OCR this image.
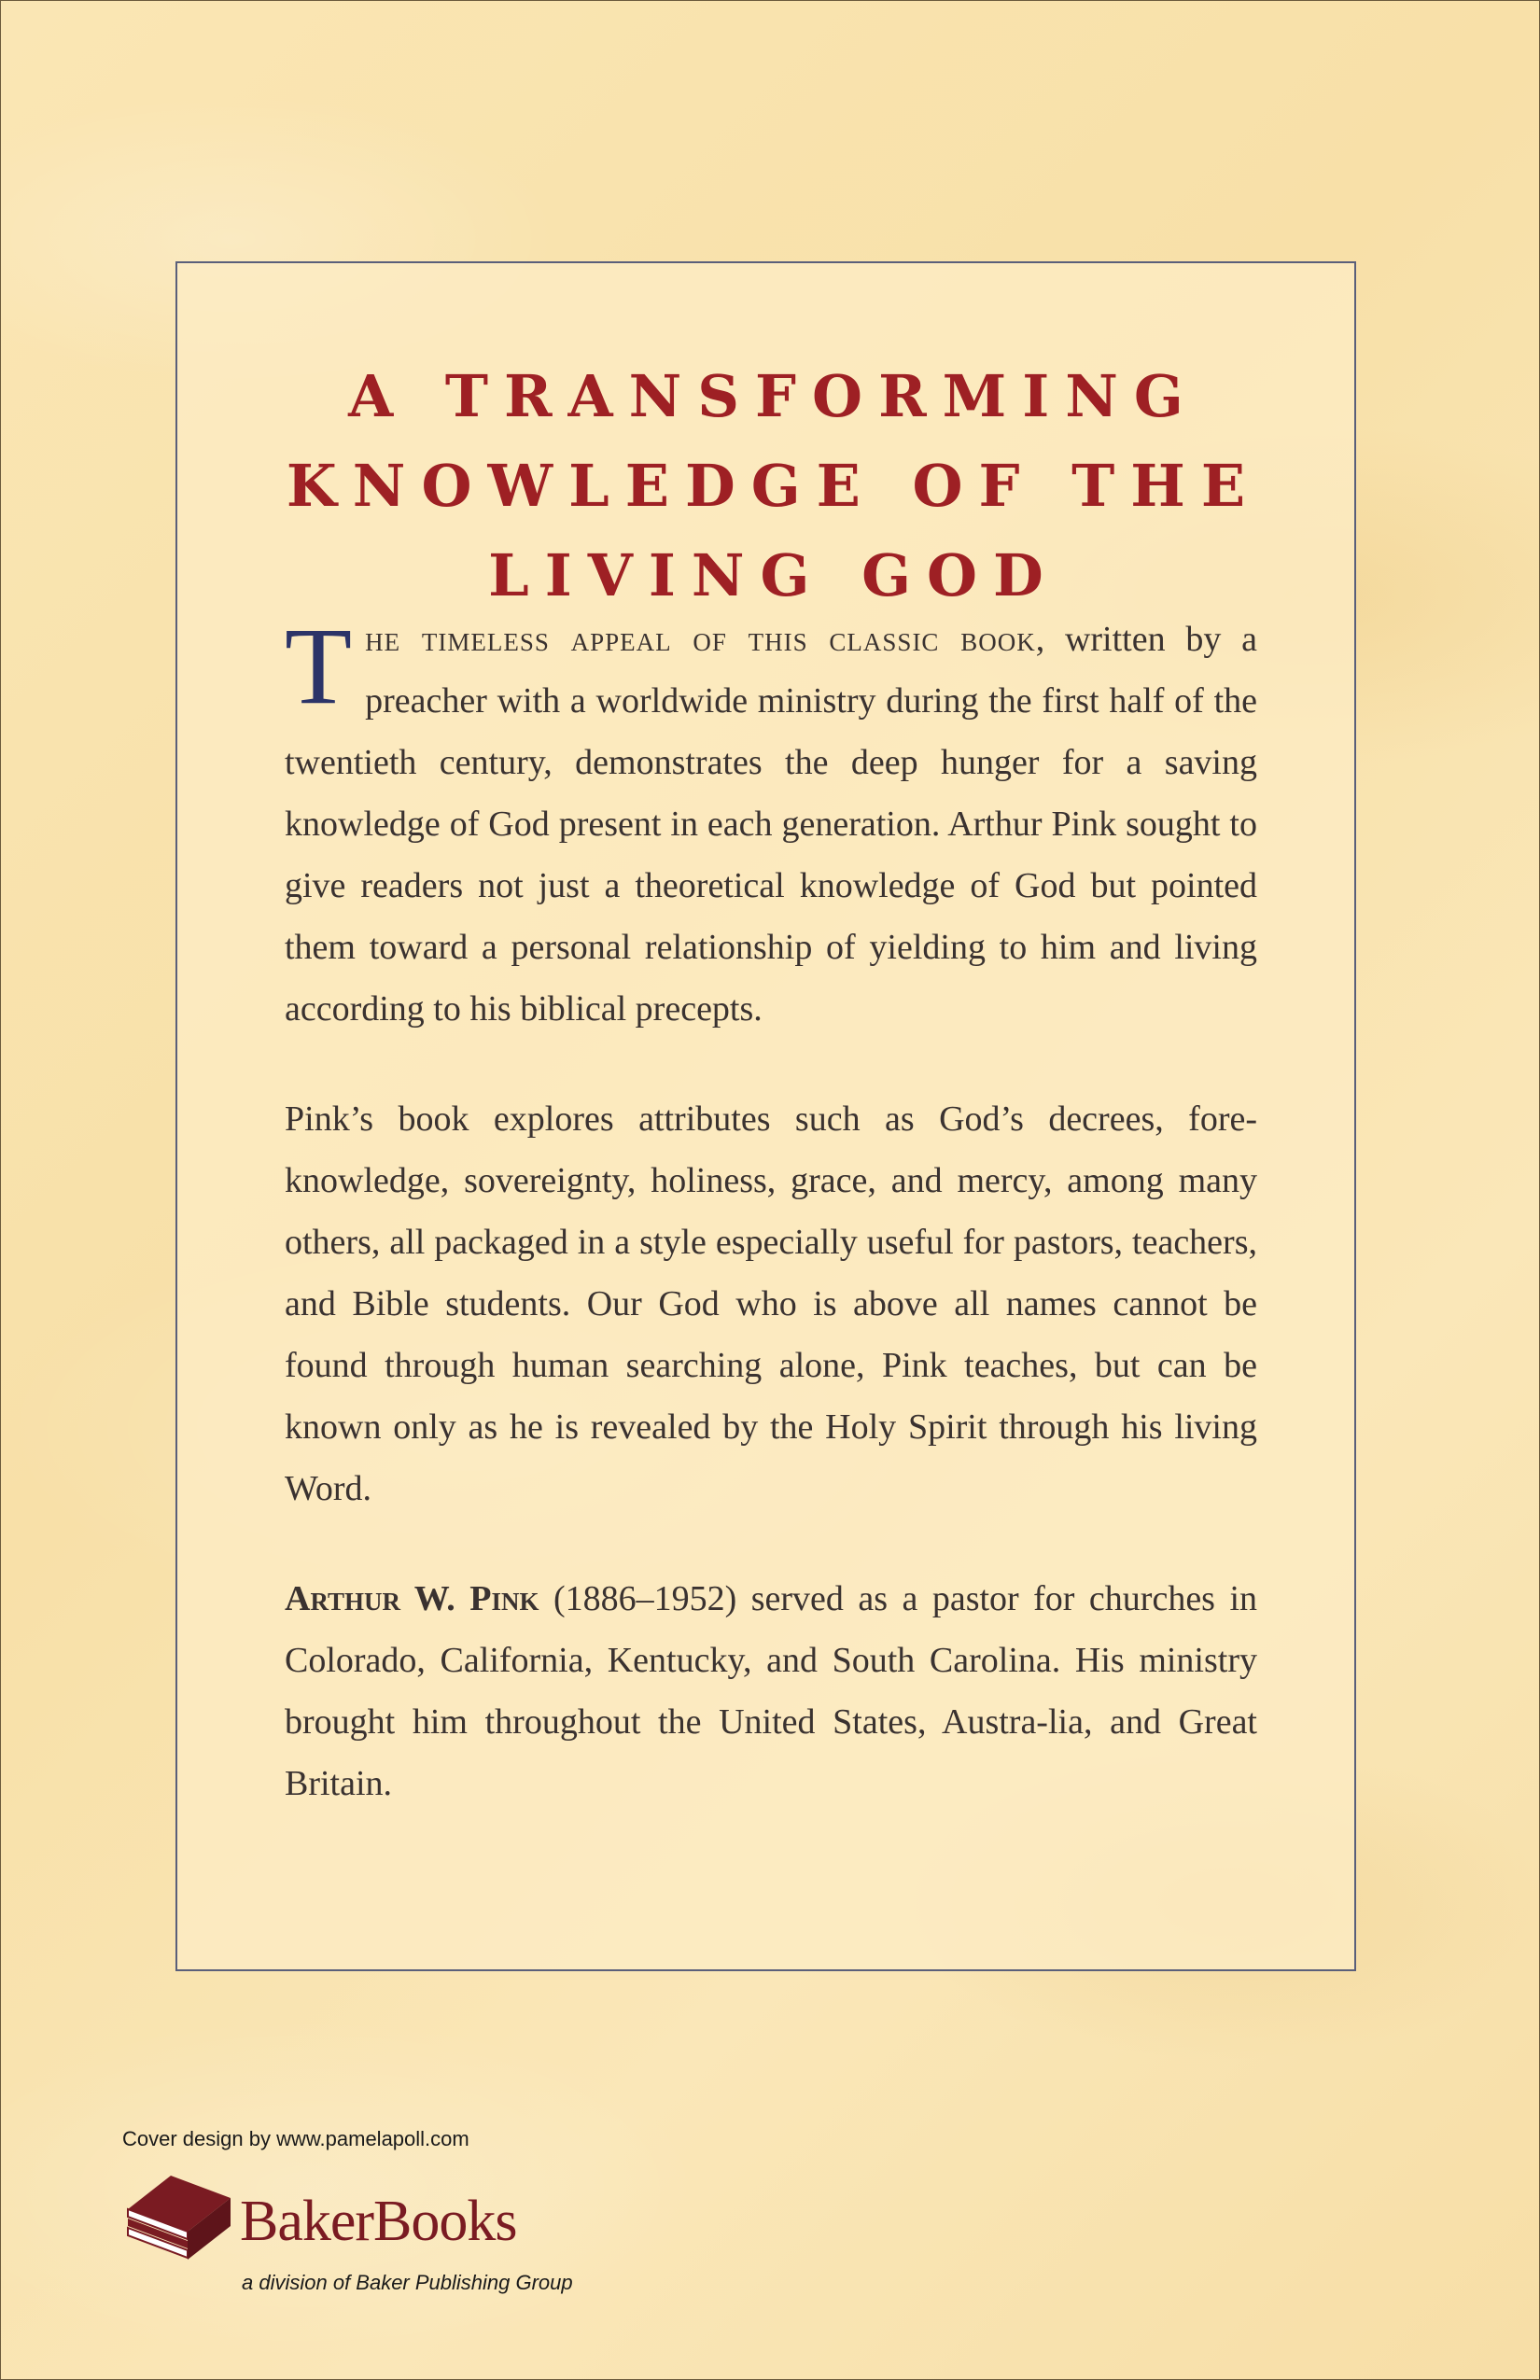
A TRANSFORMING
KNOWLEDGE OF THE
LIVING GOD

The timeless appeal of this classic book, written by a preacher with a worldwide ministry during the first half of the twentieth century, demonstrates the deep hunger for a saving knowledge of God present in each generation. Arthur Pink sought to give readers not just a theoretical knowledge of God but pointed them toward a personal relationship of yielding to him and living according to his biblical precepts.

Pink’s book explores attributes such as God’s decrees, fore-knowledge, sovereignty, holiness, grace, and mercy, among many others, all packaged in a style especially useful for pastors, teachers, and Bible students. Our God who is above all names cannot be found through human searching alone, Pink teaches, but can be known only as he is revealed by the Holy Spirit through his living Word.

Arthur W. Pink (1886–1952) served as a pastor for churches in Colorado, California, Kentucky, and South Carolina. His ministry brought him throughout the United States, Austra-lia, and Great Britain.

Cover design by www.pamelapoll.com
BakerBooks
a division of Baker Publishing Group
